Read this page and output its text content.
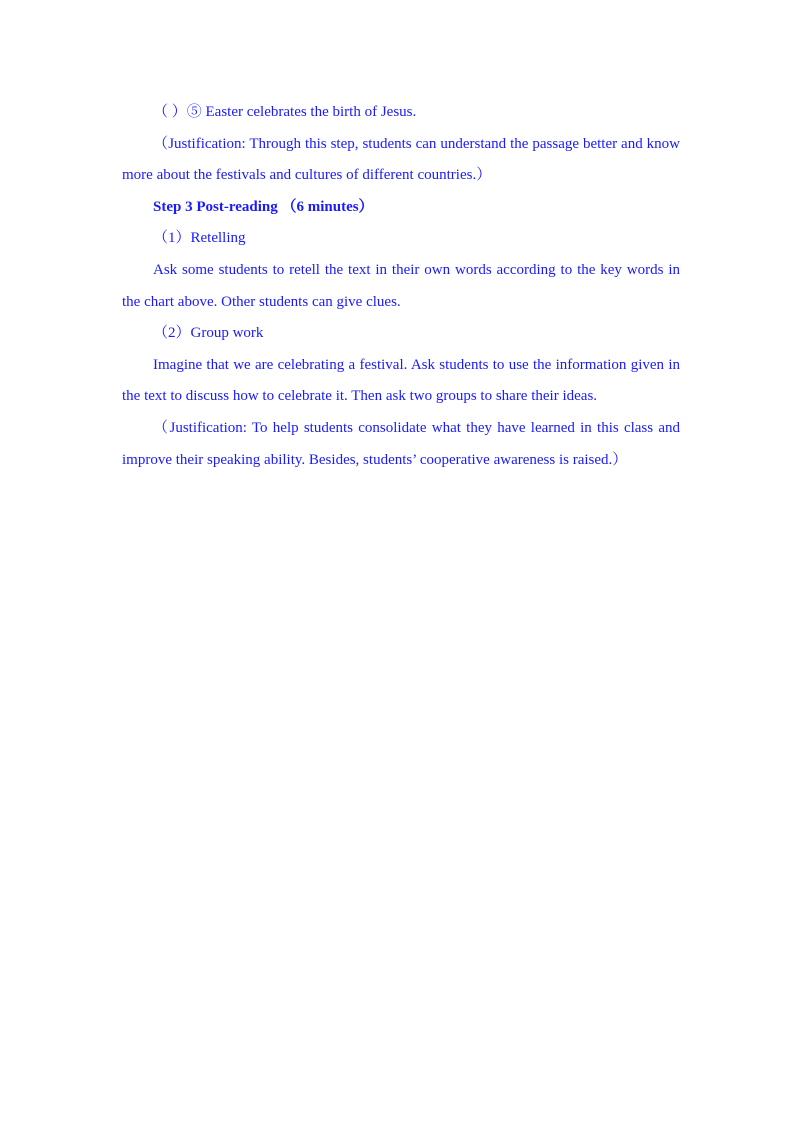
（ ）⑤ Easter celebrates the birth of Jesus.

（Justification: Through this step, students can understand the passage better and know more about the festivals and cultures of different countries.）

Step 3 Post-reading （6 minutes）

（1）Retelling

Ask some students to retell the text in their own words according to the key words in the chart above. Other students can give clues.

（2）Group work

Imagine that we are celebrating a festival. Ask students to use the information given in the text to discuss how to celebrate it. Then ask two groups to share their ideas.

（Justification: To help students consolidate what they have learned in this class and improve their speaking ability. Besides, students’ cooperative awareness is raised.）
